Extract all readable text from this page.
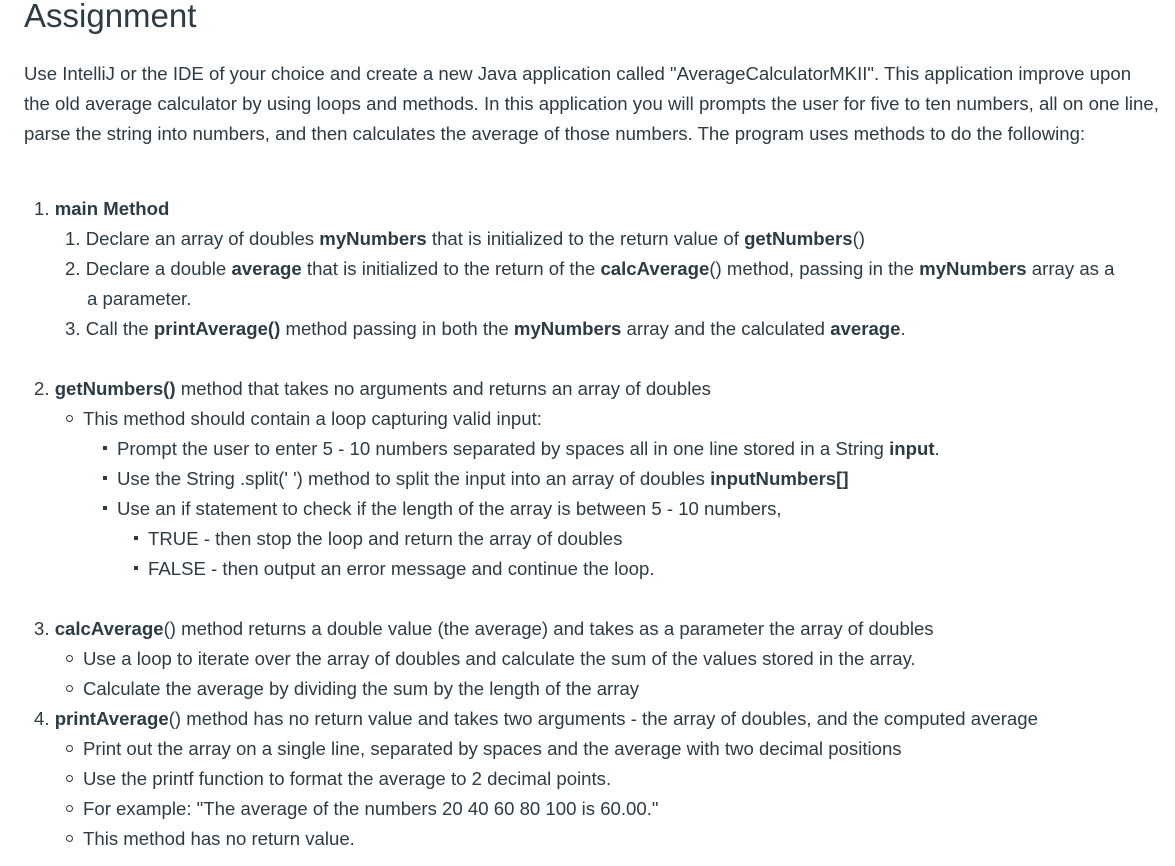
Assignment

Use IntelliJ or the IDE of your choice and create a new Java application called "AverageCalculatorMKII". This application improve upon the old average calculator by using loops and methods. In this application you will prompts the user for five to ten numbers, all on one line, parse the string into numbers, and then calculates the average of those numbers. The program uses methods to do the following:

1. main Method
1. Declare an array of doubles myNumbers that is initialized to the return value of getNumbers()
2. Declare a double average that is initialized to the return of the calcAverage() method, passing in the myNumbers array as a
a parameter.
3. Call the printAverage() method passing in both the myNumbers array and the calculated average.
2. getNumbers() method that takes no arguments and returns an array of doubles
This method should contain a loop capturing valid input:
Prompt the user to enter 5 - 10 numbers separated by spaces all in one line stored in a String input.
Use the String .split(' ') method to split the input into an array of doubles inputNumbers[]
Use an if statement to check if the length of the array is between 5 - 10 numbers,
TRUE - then stop the loop and return the array of doubles
FALSE - then output an error message and continue the loop.
3. calcAverage() method returns a double value (the average) and takes as a parameter the array of doubles
Use a loop to iterate over the array of doubles and calculate the sum of the values stored in the array.
Calculate the average by dividing the sum by the length of the array
4. printAverage() method has no return value and takes two arguments - the array of doubles, and the computed average
Print out the array on a single line, separated by spaces and the average with two decimal positions
Use the printf function to format the average to 2 decimal points.
For example: "The average of the numbers 20 40 60 80 100 is 60.00."
This method has no return value.
